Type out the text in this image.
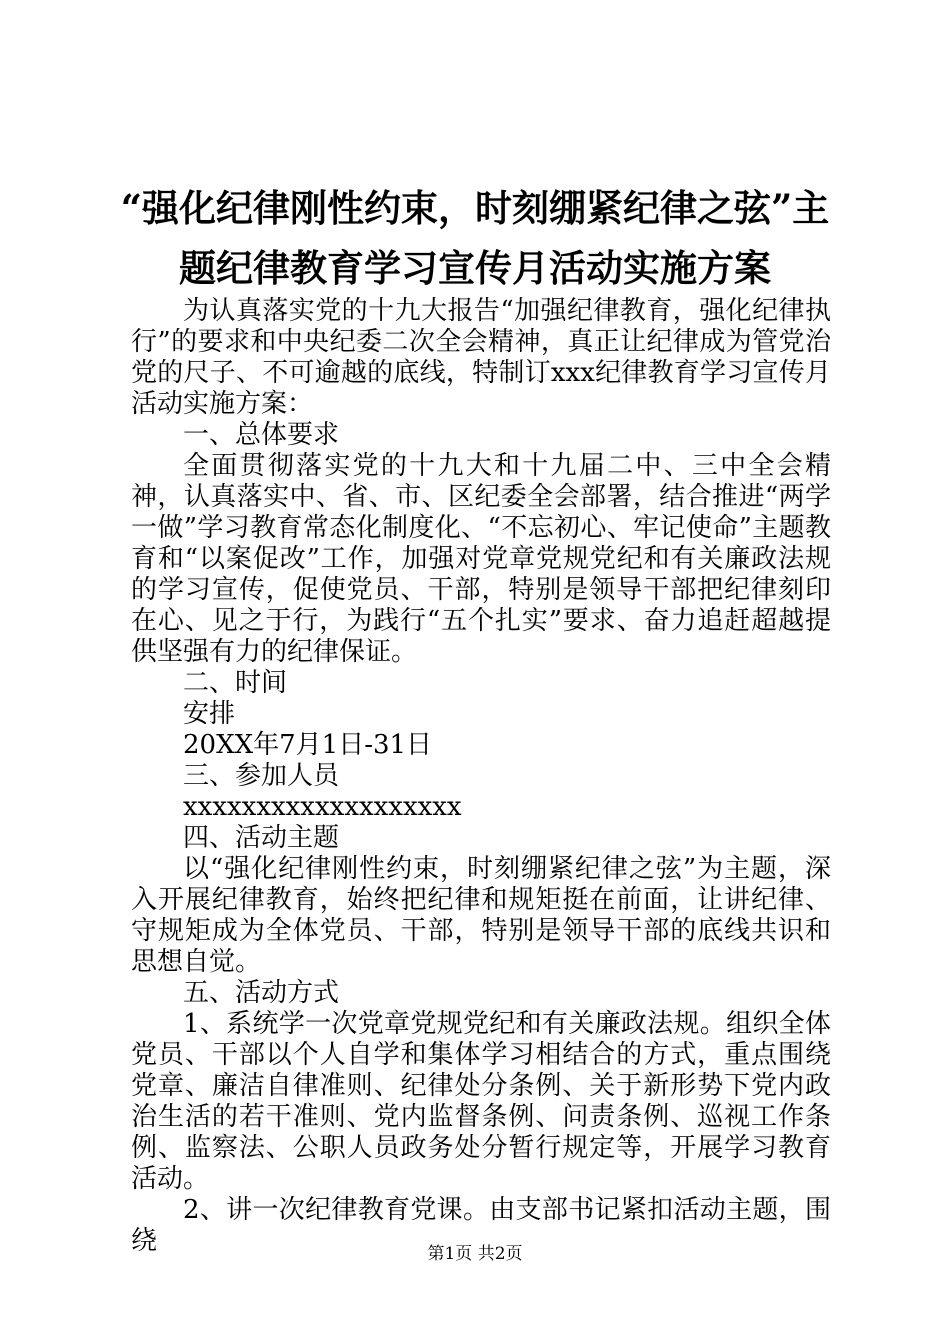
“强化纪律刚性约束，时刻绷紧纪律之弦”主
题纪律教育学习宣传月活动实施方案

为认真落实党的十九大报告“加强纪律教育，强化纪律执行”的要求和中央纪委二次全会精神，真正让纪律成为管党治党的尺子、不可逾越的底线，特制订xxx纪律教育学习宣传月活动实施方案：

一、总体要求

全面贯彻落实党的十九大和十九届二中、三中全会精神，认真落实中、省、市、区纪委全会部署，结合推进“两学一做”学习教育常态化制度化、“不忘初心、牢记使命”主题教育和“以案促改”工作，加强对党章党规党纪和有关廉政法规的学习宣传，促使党员、干部，特别是领导干部把纪律刻印在心、见之于行，为践行“五个扎实”要求、奋力追赶超越提供坚强有力的纪律保证。

二、时间

安排

20XX年7月1日-31日

三、参加人员

xxxxxxxxxxxxxxxxxxx

四、活动主题

以“强化纪律刚性约束，时刻绷紧纪律之弦”为主题，深入开展纪律教育，始终把纪律和规矩挺在前面，让讲纪律、守规矩成为全体党员、干部，特别是领导干部的底线共识和思想自觉。

五、活动方式

1、系统学一次党章党规党纪和有关廉政法规。组织全体党员、干部以个人自学和集体学习相结合的方式，重点围绕党章、廉洁自律准则、纪律处分条例、关于新形势下党内政治生活的若干准则、党内监督条例、问责条例、巡视工作条例、监察法、公职人员政务处分暂行规定等，开展学习教育活动。

2、讲一次纪律教育党课。由支部书记紧扣活动主题，围绕	第1页 共2页
